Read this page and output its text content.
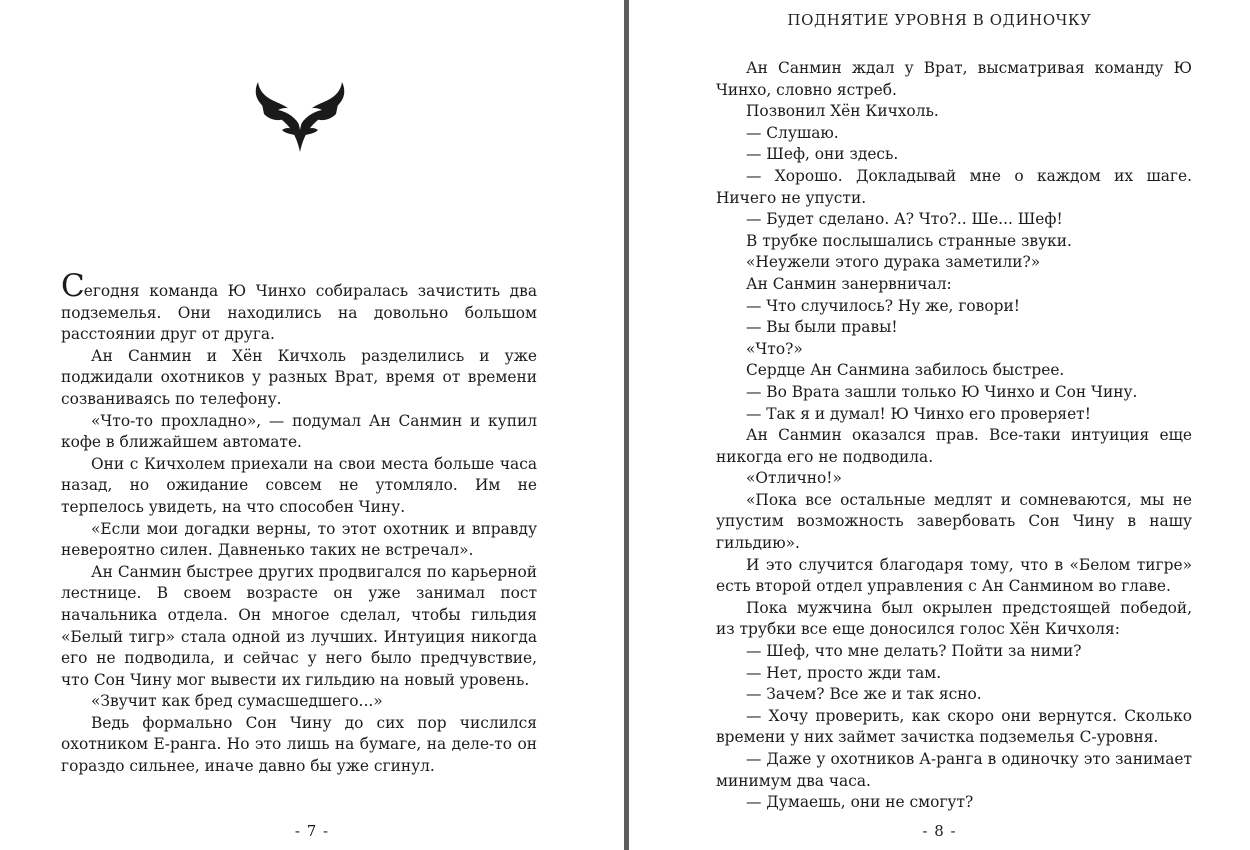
Сегодня команда Ю Чинхо собиралась зачистить два подземелья. Они находились на довольно большом расстоянии друг от друга.

Ан Санмин и Хён Кичхоль разделились и уже поджидали охотников у разных Врат, время от времени созваниваясь по телефону.

«Что-то прохладно», — подумал Ан Санмин и купил кофе в ближайшем автомате.

Они с Кичхолем приехали на свои места больше часа назад, но ожидание совсем не утомляло. Им не терпелось увидеть, на что способен Чину.

«Если мои догадки верны, то этот охотник и вправду невероятно силен. Давненько таких не встречал».

Ан Санмин быстрее других продвигался по карьерной лестнице. В своем возрасте он уже занимал пост начальника отдела. Он многое сделал, чтобы гильдия «Белый тигр» стала одной из лучших. Интуиция никогда его не подводила, и сейчас у него было предчувствие, что Сон Чину мог вывести их гильдию на новый уровень.

«Звучит как бред сумасшедшего...»

Ведь формально Сон Чину до сих пор числился охотником Е-ранга. Но это лишь на бумаге, на деле-то он гораздо сильнее, иначе давно бы уже сгинул.

- 7 -
ПОДНЯТИЕ УРОВНЯ В ОДИНОЧКУ

Ан Санмин ждал у Врат, высматривая команду Ю Чинхо, словно ястреб.

Позвонил Хён Кичхоль.

— Слушаю.

— Шеф, они здесь.

— Хорошо. Докладывай мне о каждом их шаге. Ничего не упусти.

— Будет сделано. А? Что?.. Ше... Шеф!

В трубке послышались странные звуки.

«Неужели этого дурака заметили?»

Ан Санмин занервничал:

— Что случилось? Ну же, говори!

— Вы были правы!

«Что?»

Сердце Ан Санмина забилось быстрее.

— Во Врата зашли только Ю Чинхо и Сон Чину.

— Так я и думал! Ю Чинхо его проверяет!

Ан Санмин оказался прав. Все-таки интуиция еще никогда его не подводила.

«Отлично!»

«Пока все остальные медлят и сомневаются, мы не упустим возможность завербовать Сон Чину в нашу гильдию».

И это случится благодаря тому, что в «Белом тигре» есть второй отдел управления с Ан Санмином во главе.

Пока мужчина был окрылен предстоящей победой, из трубки все еще доносился голос Хён Кичхоля:

— Шеф, что мне делать? Пойти за ними?

— Нет, просто жди там.

— Зачем? Все же и так ясно.

— Хочу проверить, как скоро они вернутся. Сколько времени у них займет зачистка подземелья С-уровня.

— Даже у охотников А-ранга в одиночку это занимает минимум два часа.

— Думаешь, они не смогут?

- 8 -
